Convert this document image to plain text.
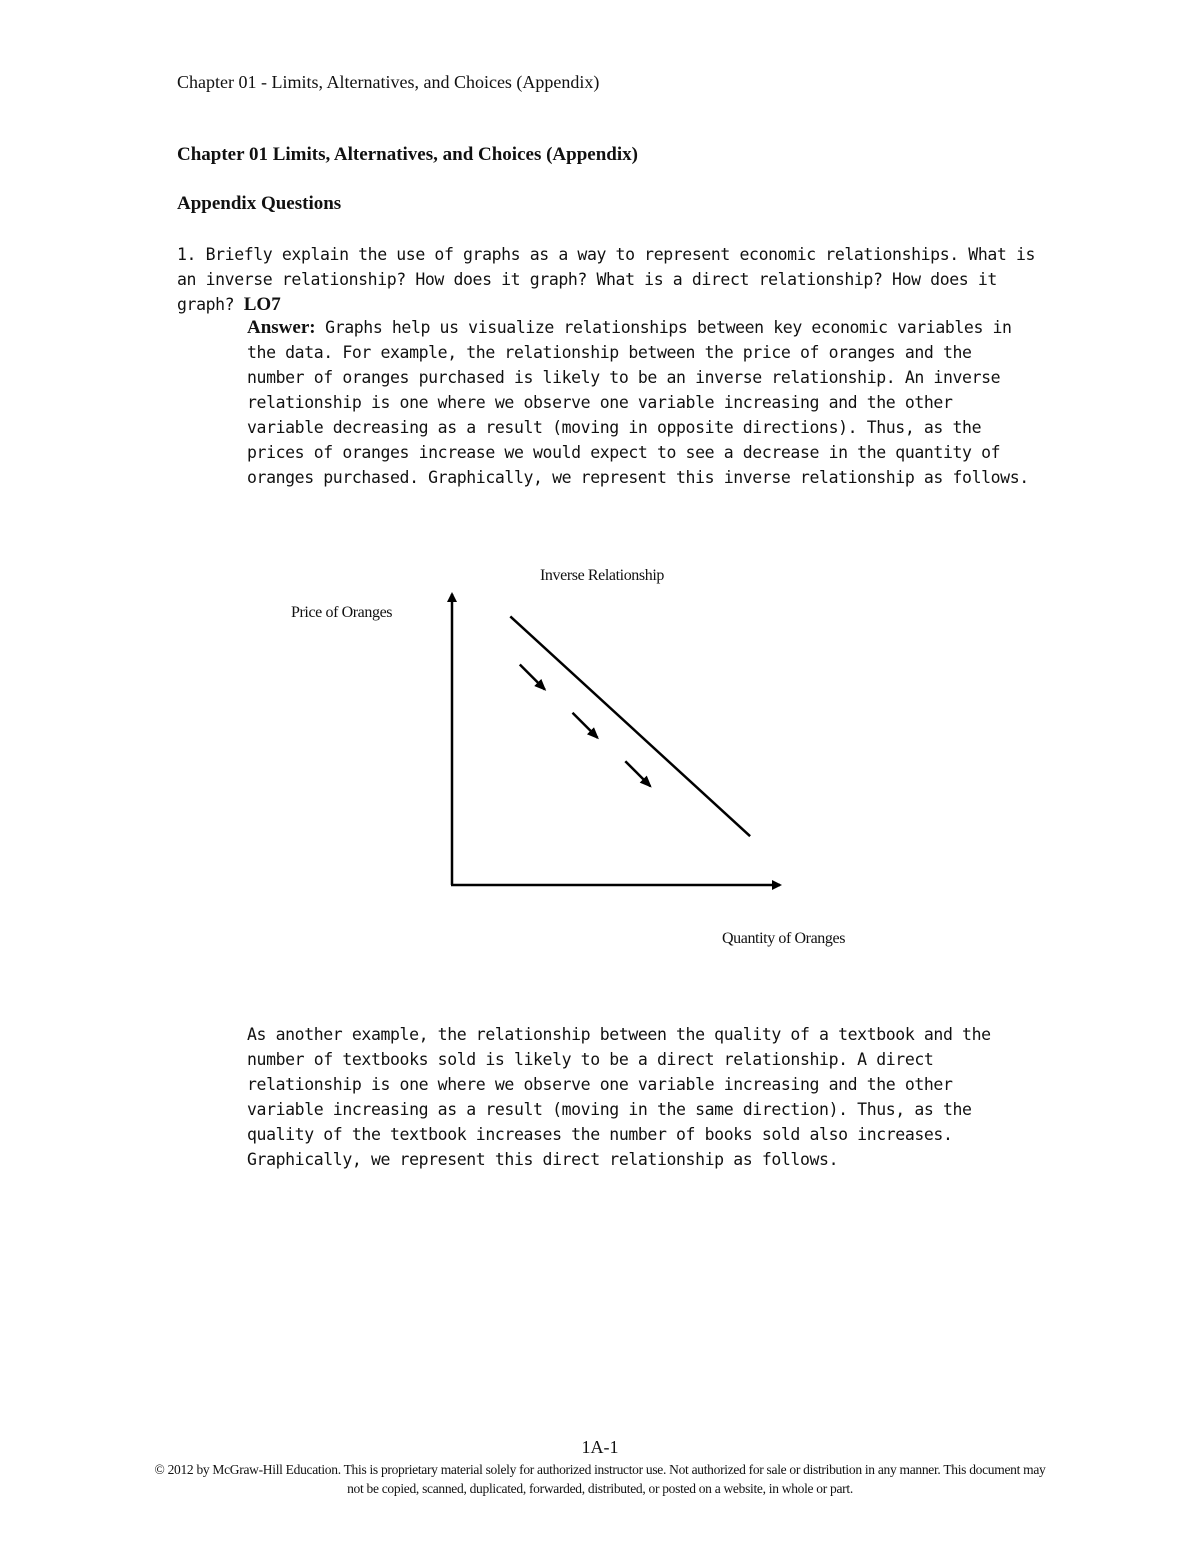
Chapter 01 - Limits, Alternatives, and Choices (Appendix)
Chapter 01 Limits, Alternatives, and Choices (Appendix)
Appendix Questions
1. Briefly explain the use of graphs as a way to represent economic relationships. What is an inverse relationship? How does it graph? What is a direct relationship? How does it graph? LO7
Answer: Graphs help us visualize relationships between key economic variables in the data. For example, the relationship between the price of oranges and the number of oranges purchased is likely to be an inverse relationship. An inverse relationship is one where we observe one variable increasing and the other variable decreasing as a result (moving in opposite directions). Thus, as the prices of oranges increase we would expect to see a decrease in the quantity of oranges purchased. Graphically, we represent this inverse relationship as follows.
Inverse Relationship
Price of Oranges
Quantity of Oranges
As another example, the relationship between the quality of a textbook and the number of textbooks sold is likely to be a direct relationship. A direct relationship is one where we observe one variable increasing and the other variable increasing as a result (moving in the same direction). Thus, as the quality of the textbook increases the number of books sold also increases. Graphically, we represent this direct relationship as follows.
1A-1
© 2012 by McGraw-Hill Education. This is proprietary material solely for authorized instructor use. Not authorized for sale or distribution in any manner. This document may not be copied, scanned, duplicated, forwarded, distributed, or posted on a website, in whole or part.
